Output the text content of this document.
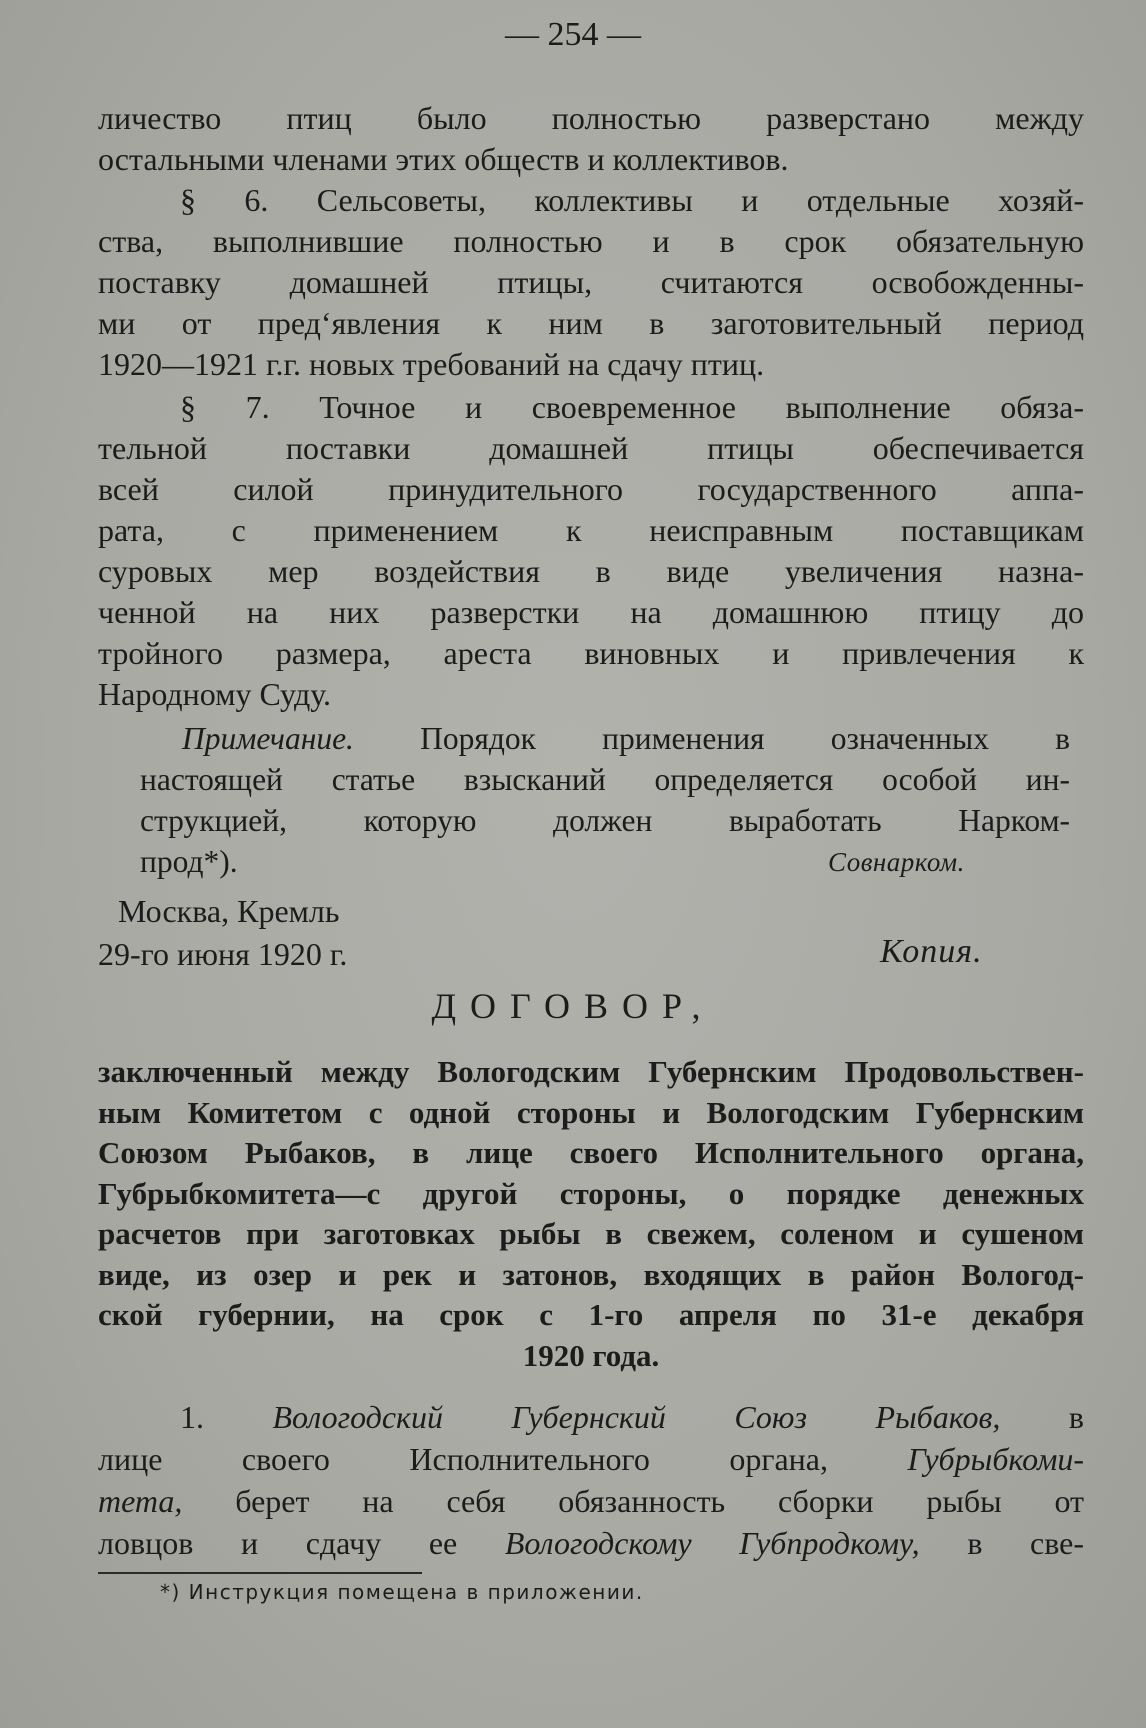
— 254 —
личество птиц было полностью разверстано между
остальными членами этих обществ и коллективов.
§ 6. Сельсоветы, коллективы и отдельные хозяй-
ства, выполнившие полностью и в срок обязательную
поставку домашней птицы, считаются освобожденны-
ми от пред‘явления к ним в заготовительный период
1920—1921 г.г. новых требований на сдачу птиц.
§ 7. Точное и своевременное выполнение обяза-
тельной поставки домашней птицы обеспечивается
всей силой принудительного государственного аппа-
рата, с применением к неисправным поставщикам
суровых мер воздействия в виде увеличения назна-
ченной на них разверстки на домашнюю птицу до
тройного размера, ареста виновных и привлечения к
Народному Суду.
Примечание. Порядок применения означенных в
настоящей статье взысканий определяется особой ин-
струкцией, которую должен выработать Нарком-
прод*).	Совнарком.
Москва, Кремль
29-го июня 1920 г.	Копия.
ДОГОВОР,
заключенный между Вологодским Губернским Продовольствен-
ным Комитетом с одной стороны и Вологодским Губернским
Союзом Рыбаков, в лице своего Исполнительного органа,
Губрыбкомитета—с другой стороны, о порядке денежных
расчетов при заготовках рыбы в свежем, соленом и сушеном
виде, из озер и рек и затонов, входящих в район Вологод-
ской губернии, на срок с 1-го апреля по 31-е декабря
1920 года.
1. Вологодский Губернский Союз Рыбаков, в
лице своего Исполнительного органа, Губрыбкоми-
тета, берет на себя обязанность сборки рыбы от
ловцов и сдачу ее Вологодскому Губпродкому, в све-
*) Инструкция помещена в приложении.
